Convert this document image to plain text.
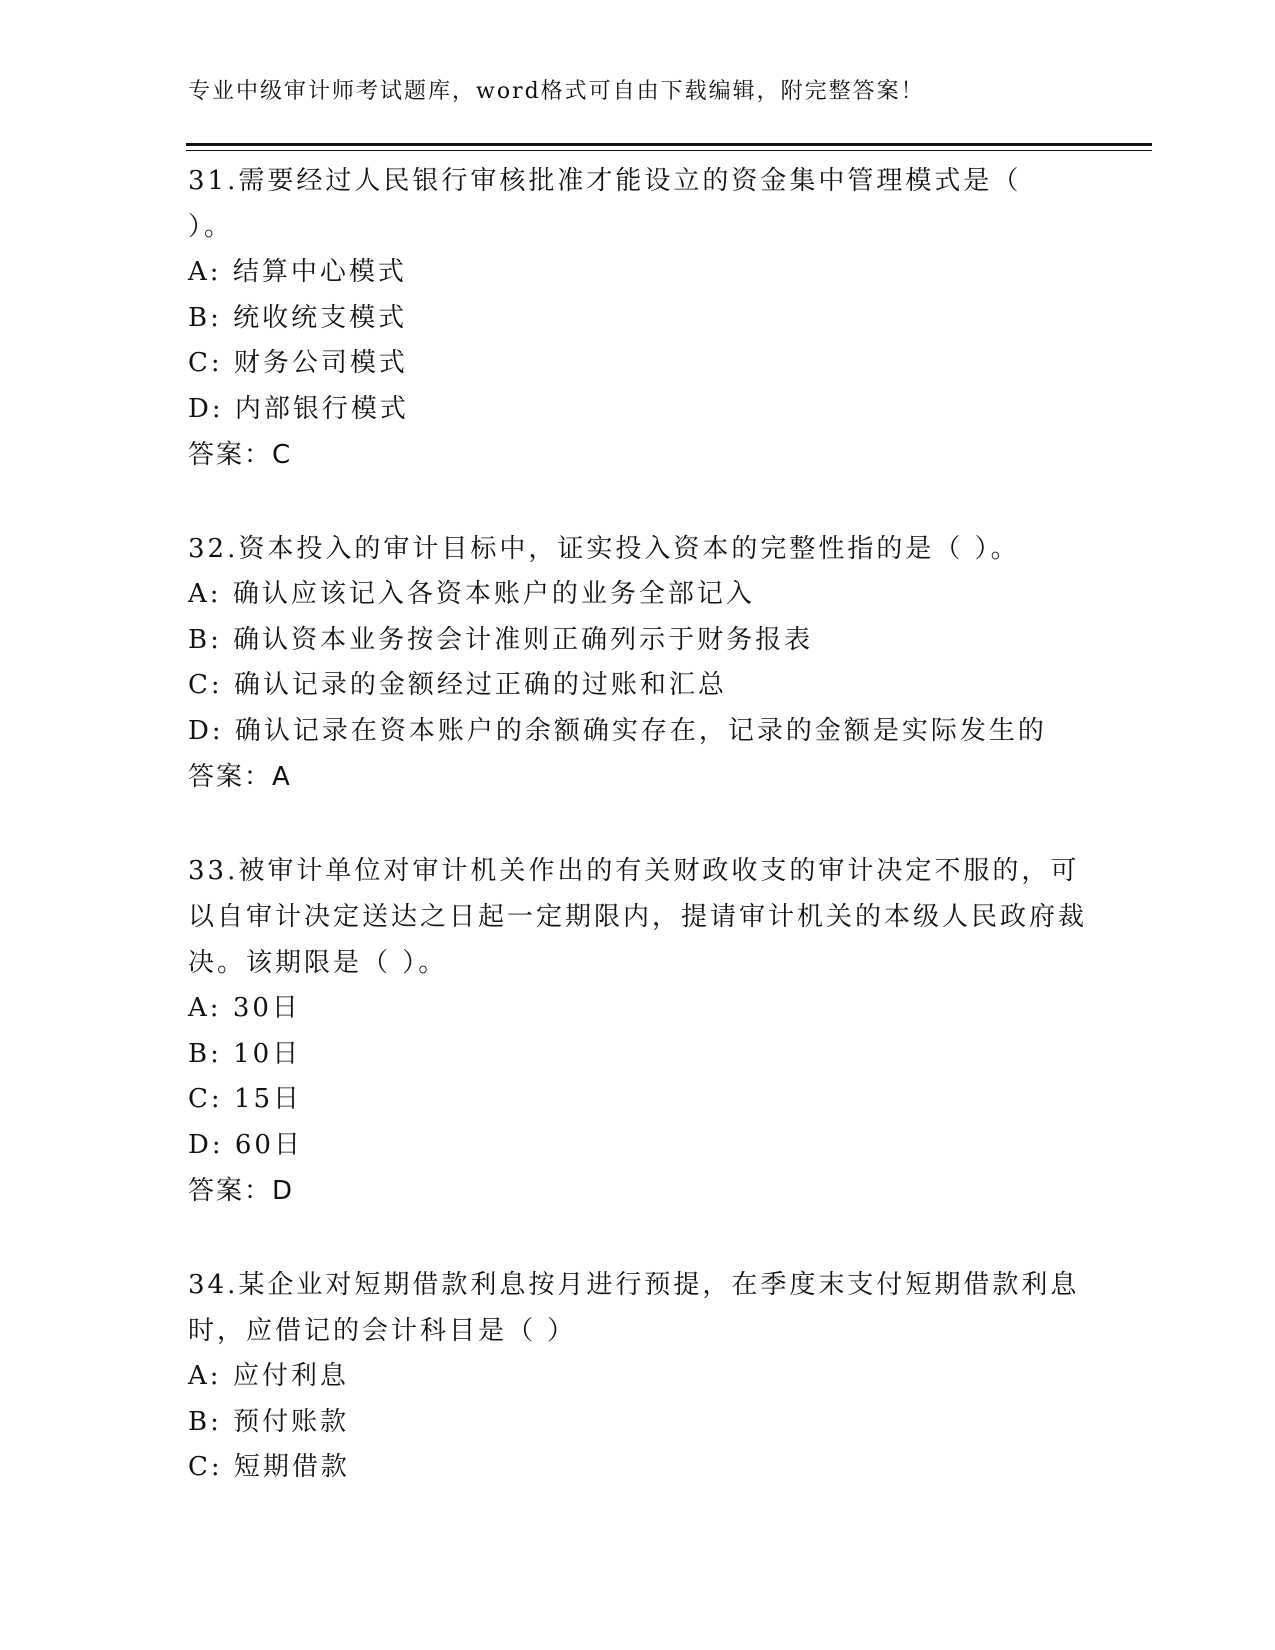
专业中级审计师考试题库，word格式可自由下载编辑，附完整答案！
31.需要经过人民银行审核批准才能设立的资金集中管理模式是（
）。
A: 结算中心模式
B: 统收统支模式
C: 财务公司模式
D: 内部银行模式
答案：C
32.资本投入的审计目标中，证实投入资本的完整性指的是（ ）。
A: 确认应该记入各资本账户的业务全部记入
B: 确认资本业务按会计准则正确列示于财务报表
C: 确认记录的金额经过正确的过账和汇总
D: 确认记录在资本账户的余额确实存在，记录的金额是实际发生的
答案：A
33.被审计单位对审计机关作出的有关财政收支的审计决定不服的，可以自审计决定送达之日起一定期限内，提请审计机关的本级人民政府裁决。该期限是（ ）。
A: 30日
B: 10日
C: 15日
D: 60日
答案：D
34.某企业对短期借款利息按月进行预提，在季度末支付短期借款利息时，应借记的会计科目是（ ）
A: 应付利息
B: 预付账款
C: 短期借款
